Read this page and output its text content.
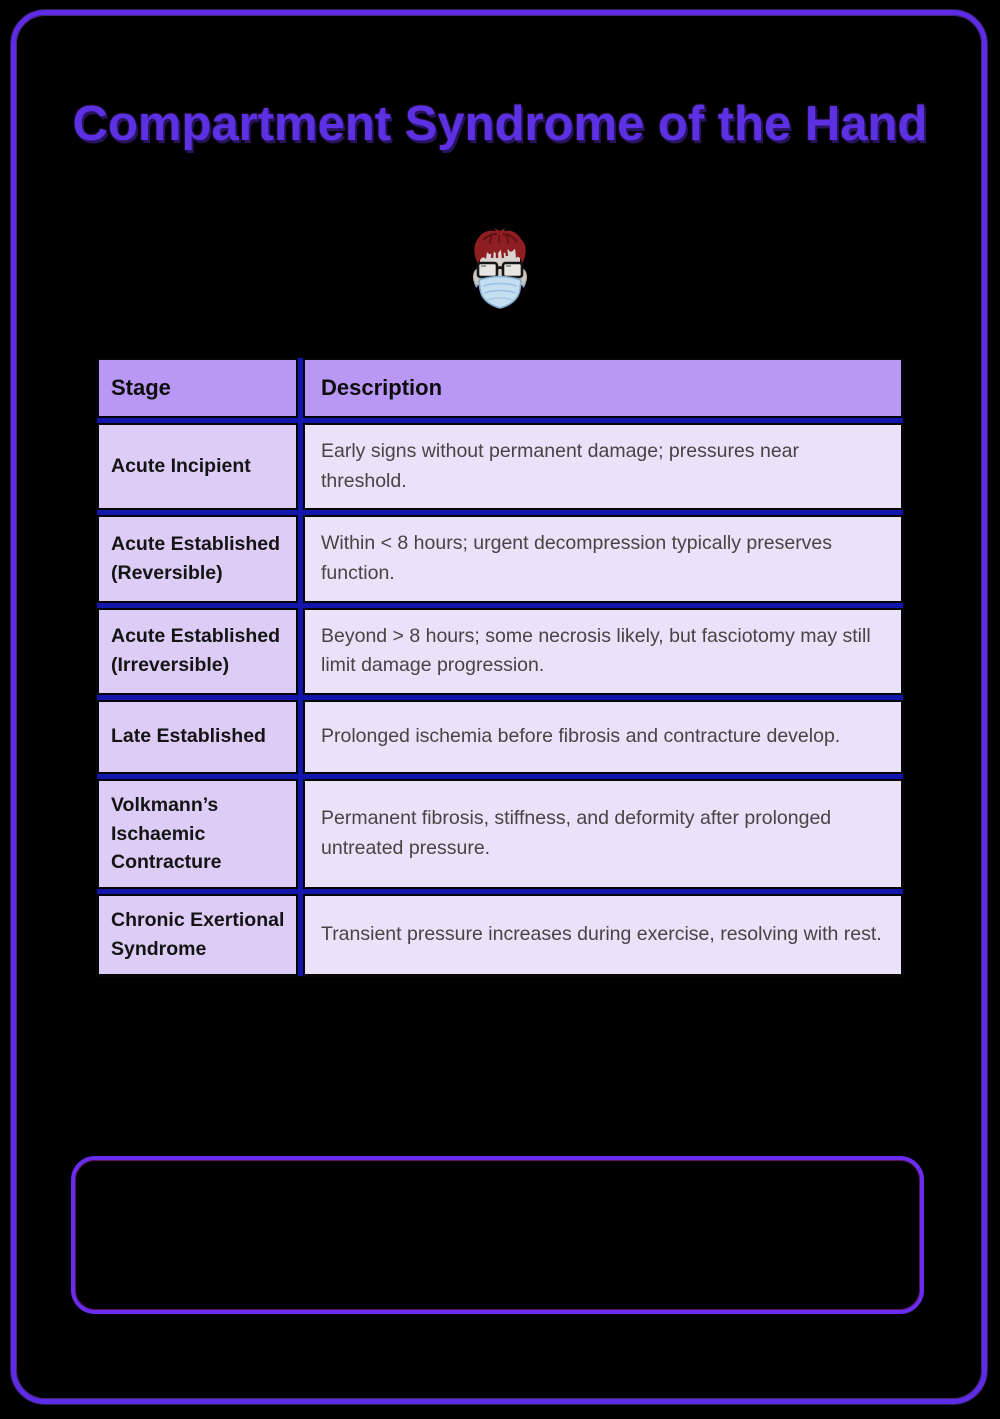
Compartment Syndrome of the Hand
Stage	Description
Acute Incipient
Early signs without permanent damage; pressures near threshold.
Acute Established (Reversible)
Within < 8 hours; urgent decompression typically preserves function.
Acute Established (Irreversible)
Beyond > 8 hours; some necrosis likely, but fasciotomy may still limit damage progression.
Late Established	Prolonged ischemia before fibrosis and contracture develop.
Volkmann’s Ischaemic Contracture
Permanent fibrosis, stiffness, and deformity after prolonged untreated pressure.
Chronic Exertional Syndrome
Transient pressure increases during exercise, resolving with rest.
